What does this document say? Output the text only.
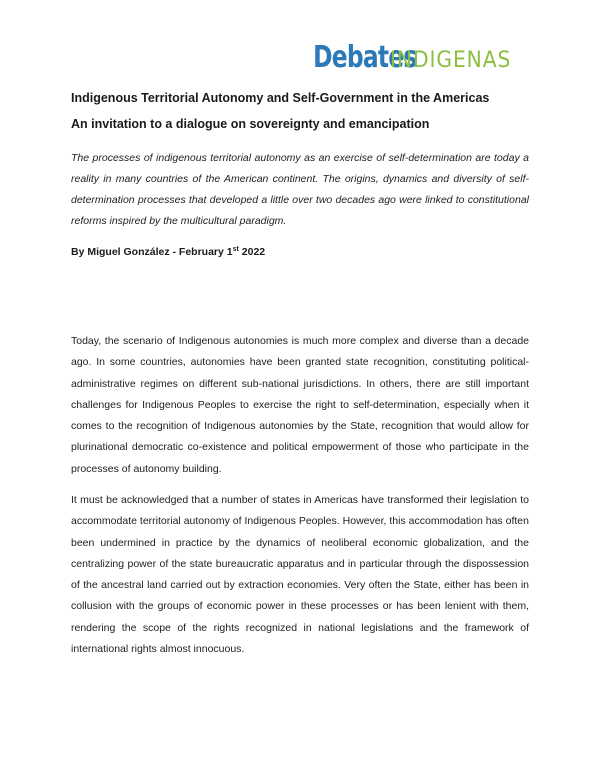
Debates
INDIGENAS
Indigenous Territorial Autonomy and Self-Government in the Americas
An invitation to a dialogue on sovereignty and emancipation
The processes of indigenous territorial autonomy as an exercise of self-determination are today a reality in many countries of the American continent. The origins, dynamics and diversity of self-determination processes that developed a little over two decades ago were linked to constitutional reforms inspired by the multicultural paradigm.
By Miguel González - February 1st 2022

Today, the scenario of Indigenous autonomies is much more complex and diverse than a decade ago. In some countries, autonomies have been granted state recognition, constituting political-administrative regimes on different sub-national jurisdictions. In others, there are still important challenges for Indigenous Peoples to exercise the right to self-determination, especially when it comes to the recognition of Indigenous autonomies by the State, recognition that would allow for plurinational democratic co-existence and political empowerment of those who participate in the processes of autonomy building.

It must be acknowledged that a number of states in Americas have transformed their legislation to accommodate territorial autonomy of Indigenous Peoples. However, this accommodation has often been undermined in practice by the dynamics of neoliberal economic globalization, and the centralizing power of the state bureaucratic apparatus and in particular through the dispossession of the ancestral land carried out by extraction economies. Very often the State, either has been in collusion with the groups of economic power in these processes or has been lenient with them, rendering the scope of the rights recognized in national legislations and the framework of international rights almost innocuous.
